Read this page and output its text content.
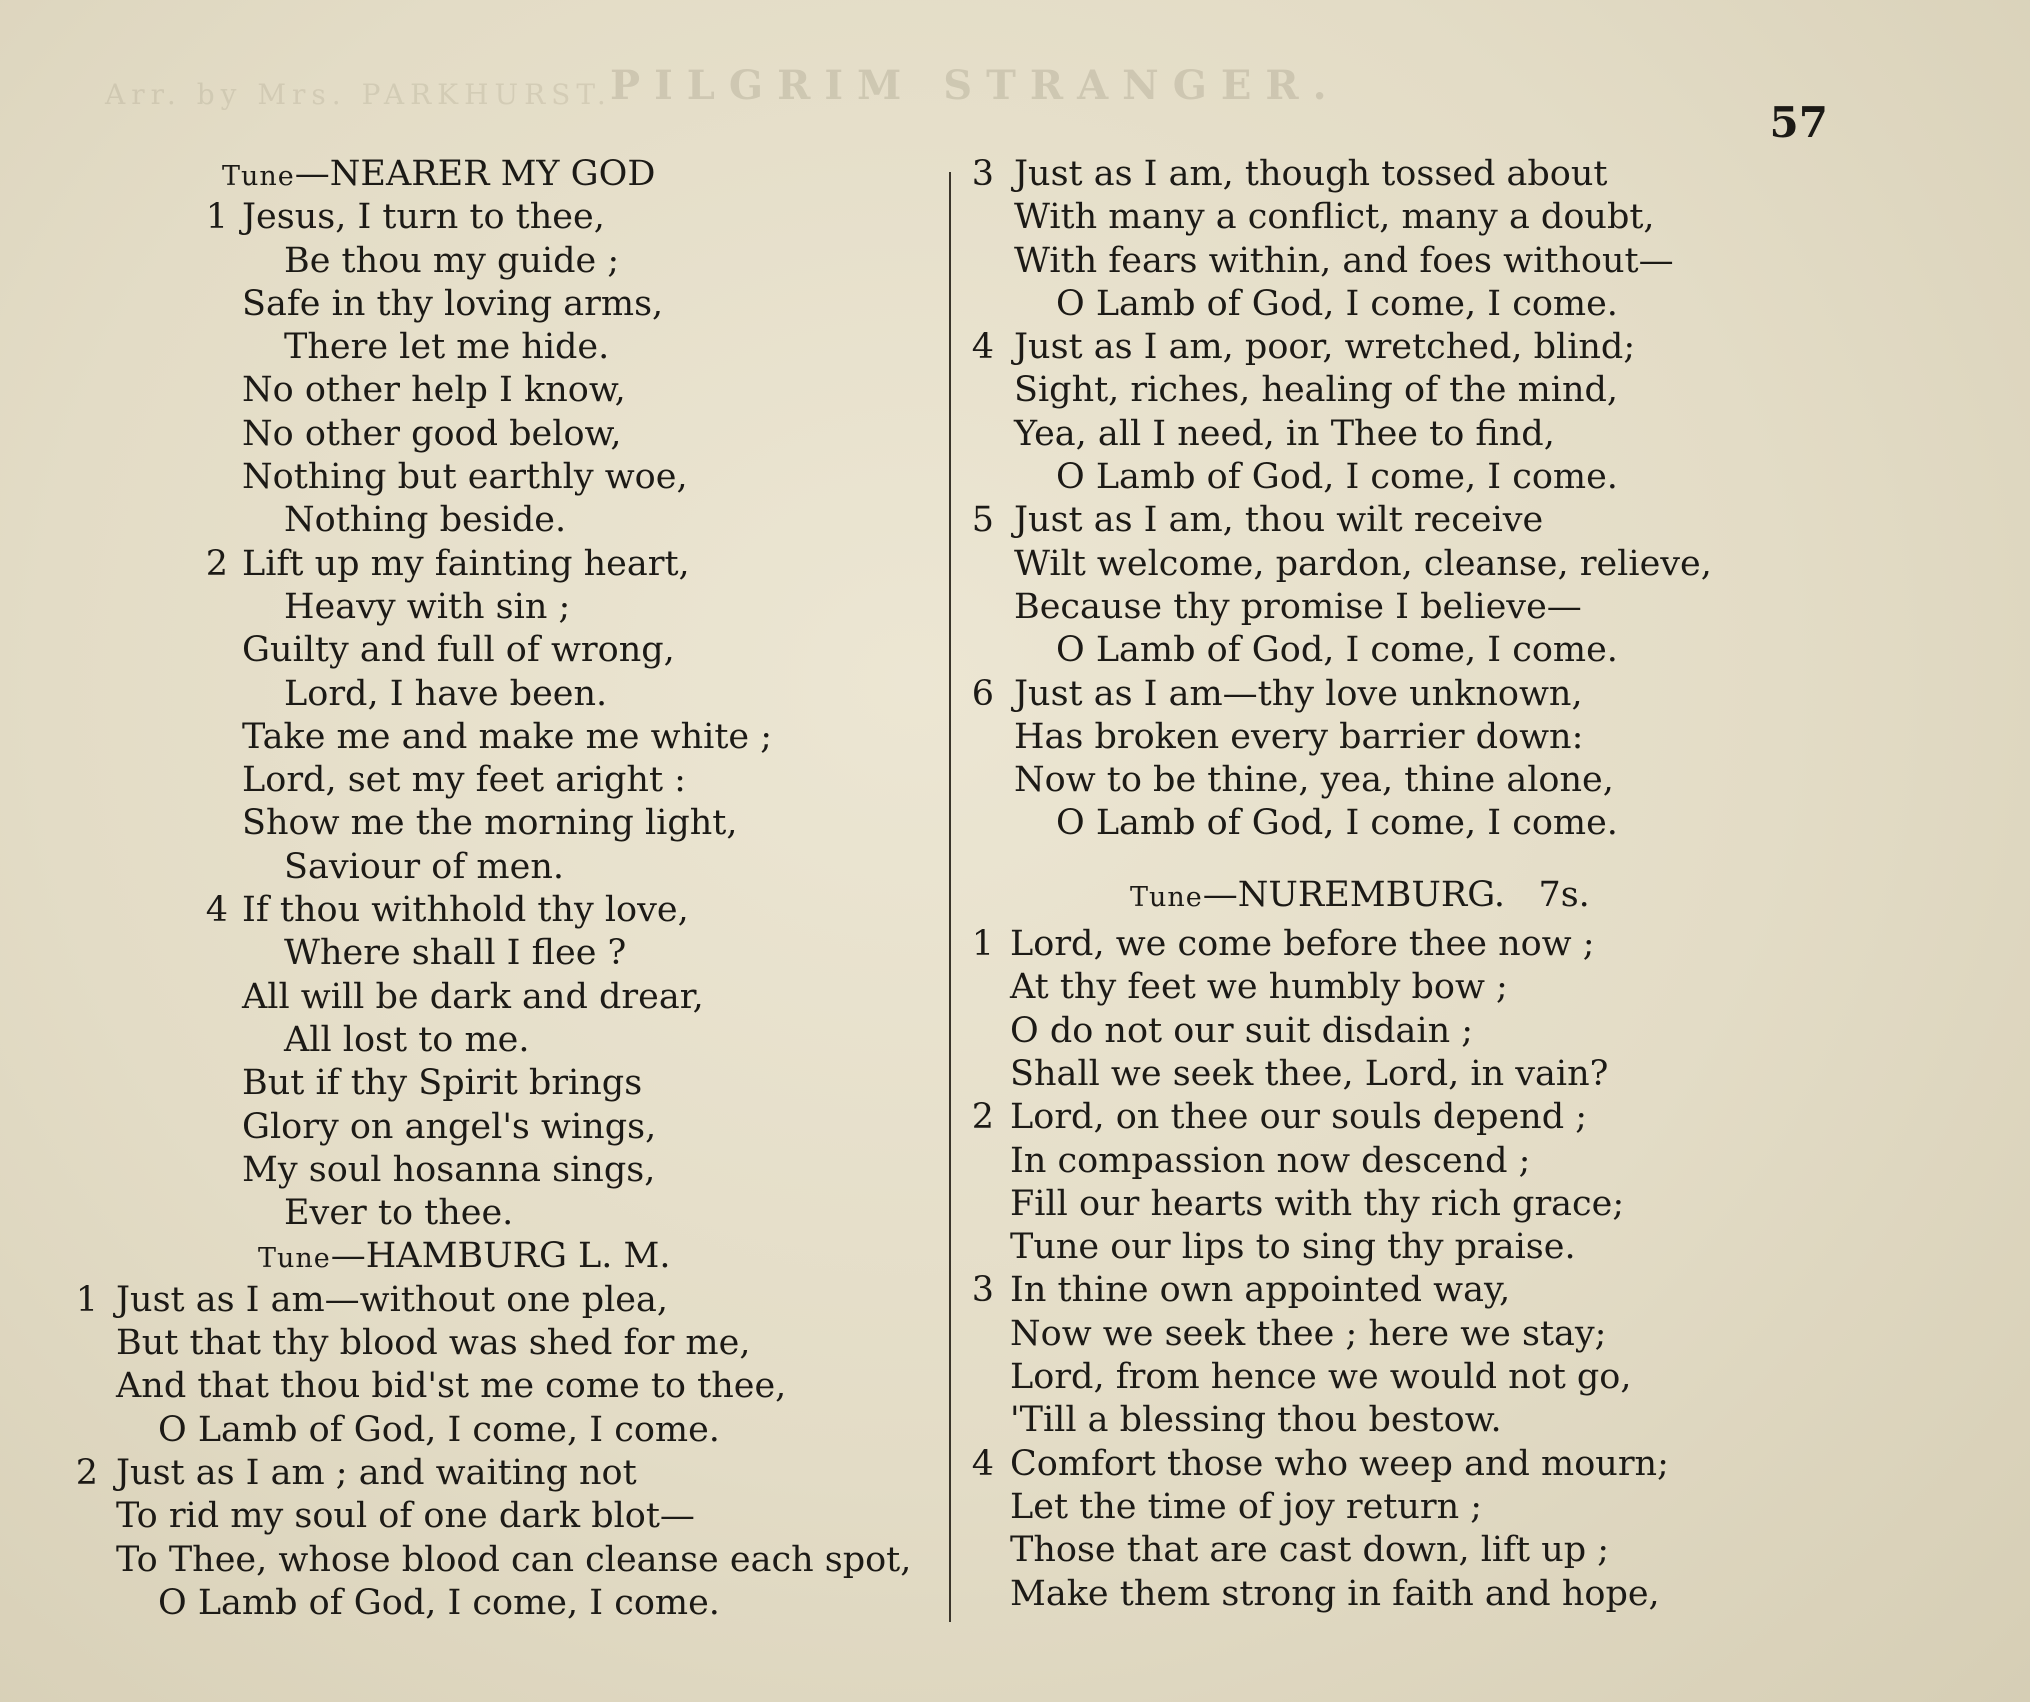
PILGRIM STRANGER.
Arr. by Mrs. PARKHURST.
57
Tune—NEARER MY GOD
1 Jesus, I turn to thee,
Be thou my guide ;
Safe in thy loving arms,
There let me hide.
No other help I know,
No other good below,
Nothing but earthly woe,
Nothing beside.
2 Lift up my fainting heart,
Heavy with sin ;
Guilty and full of wrong,
Lord, I have been.
Take me and make me white ;
Lord, set my feet aright :
Show me the morning light,
Saviour of men.
4 If thou withhold thy love,
Where shall I flee ?
All will be dark and drear,
All lost to me.
But if thy Spirit brings
Glory on angel's wings,
My soul hosanna sings,
Ever to thee.
Tune—HAMBURG L. M.
1 Just as I am—without one plea,
But that thy blood was shed for me,
And that thou bid'st me come to thee,
O Lamb of God, I come, I come.
2 Just as I am ; and waiting not
To rid my soul of one dark blot—
To Thee, whose blood can cleanse each spot,
O Lamb of God, I come, I come.
3 Just as I am, though tossed about
With many a conflict, many a doubt,
With fears within, and foes without—
O Lamb of God, I come, I come.
4 Just as I am, poor, wretched, blind;
Sight, riches, healing of the mind,
Yea, all I need, in Thee to find,
O Lamb of God, I come, I come.
5 Just as I am, thou wilt receive
Wilt welcome, pardon, cleanse, relieve,
Because thy promise I believe—
O Lamb of God, I come, I come.
6 Just as I am—thy love unknown,
Has broken every barrier down:
Now to be thine, yea, thine alone,
O Lamb of God, I come, I come.
Tune—NUREMBURG. 7s.
1 Lord, we come before thee now ;
At thy feet we humbly bow ;
O do not our suit disdain ;
Shall we seek thee, Lord, in vain?
2 Lord, on thee our souls depend ;
In compassion now descend ;
Fill our hearts with thy rich grace;
Tune our lips to sing thy praise.
3 In thine own appointed way,
Now we seek thee ; here we stay;
Lord, from hence we would not go,
'Till a blessing thou bestow.
4 Comfort those who weep and mourn;
Let the time of joy return ;
Those that are cast down, lift up ;
Make them strong in faith and hope,
